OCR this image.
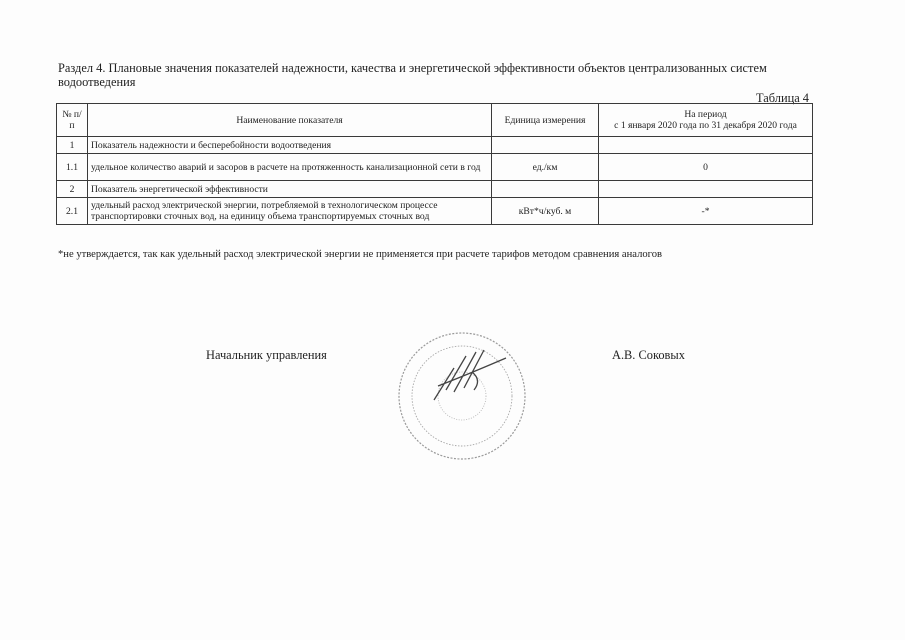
Раздел 4. Плановые значения показателей надежности, качества и энергетической эффективности объектов централизованных систем водоотведения
Таблица 4
№ п/п	Наименование показателя	Единица измерения	На период
с 1 января 2020 года по 31 декабря 2020 года

1	Показатель надежности и бесперебойности водоотведения		
1.1	удельное количество аварий и засоров в расчете на протяженность канализационной сети в год	ед./км	0
2	Показатель энергетической эффективности		
2.1	удельный расход электрической энергии, потребляемой в технологическом процессе транспортировки сточных вод, на единицу объема транспортируемых сточных вод	кВт*ч/куб. м	-*
*не утверждается, так как удельный расход электрической энергии не применяется при расчете тарифов методом сравнения аналогов
Начальник управления	А.В. Соковых
